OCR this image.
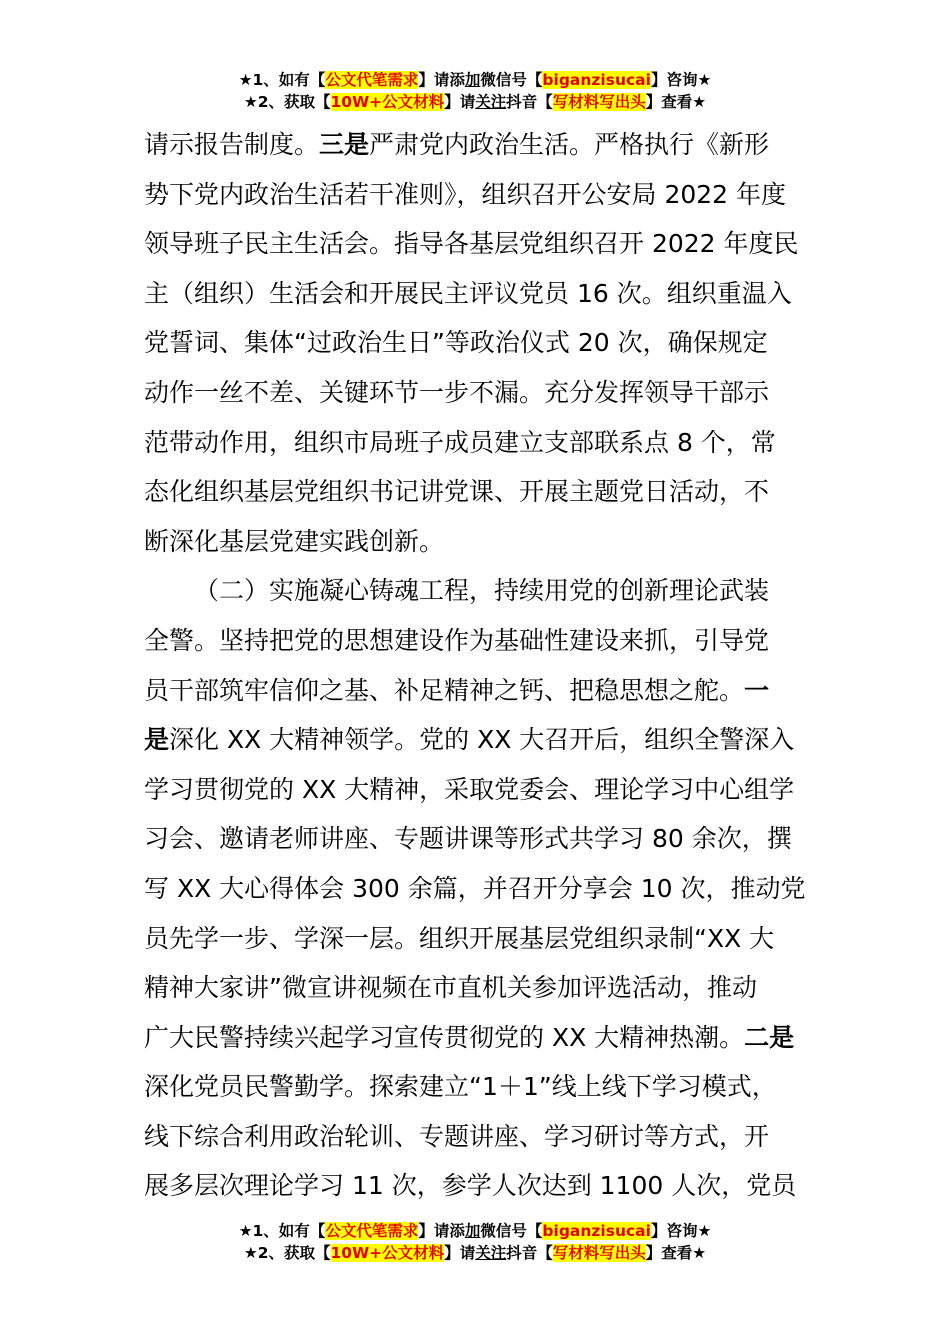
★1、如有【公文代笔需求】请添加微信号【biganzisucai】咨询★
★2、获取【10W+公文材料】请关注抖音【写材料写出头】查看★
请示报告制度。三是严肃党内政治生活。严格执行《新形
势下党内政治生活若干准则》，组织召开公安局 2022 年度
领导班子民主生活会。指导各基层党组织召开 2022 年度民
主（组织）生活会和开展民主评议党员 16 次。组织重温入
党誓词、集体“过政治生日”等政治仪式 20 次，确保规定
动作一丝不差、关键环节一步不漏。充分发挥领导干部示
范带动作用，组织市局班子成员建立支部联系点 8 个，常
态化组织基层党组织书记讲党课、开展主题党日活动，不
断深化基层党建实践创新。
（二）实施凝心铸魂工程，持续用党的创新理论武装
全警。坚持把党的思想建设作为基础性建设来抓，引导党
员干部筑牢信仰之基、补足精神之钙、把稳思想之舵。一
是深化 XX 大精神领学。党的 XX 大召开后，组织全警深入
学习贯彻党的 XX 大精神，采取党委会、理论学习中心组学
习会、邀请老师讲座、专题讲课等形式共学习 80 余次，撰
写 XX 大心得体会 300 余篇，并召开分享会 10 次，推动党
员先学一步、学深一层。组织开展基层党组织录制“XX 大
精神大家讲”微宣讲视频在市直机关参加评选活动，推动
广大民警持续兴起学习宣传贯彻党的 XX 大精神热潮。二是
深化党员民警勤学。探索建立“1＋1”线上线下学习模式，
线下综合利用政治轮训、专题讲座、学习研讨等方式，开
展多层次理论学习 11 次，参学人次达到 1100 人次，党员
★1、如有【公文代笔需求】请添加微信号【biganzisucai】咨询★
★2、获取【10W+公文材料】请关注抖音【写材料写出头】查看★
